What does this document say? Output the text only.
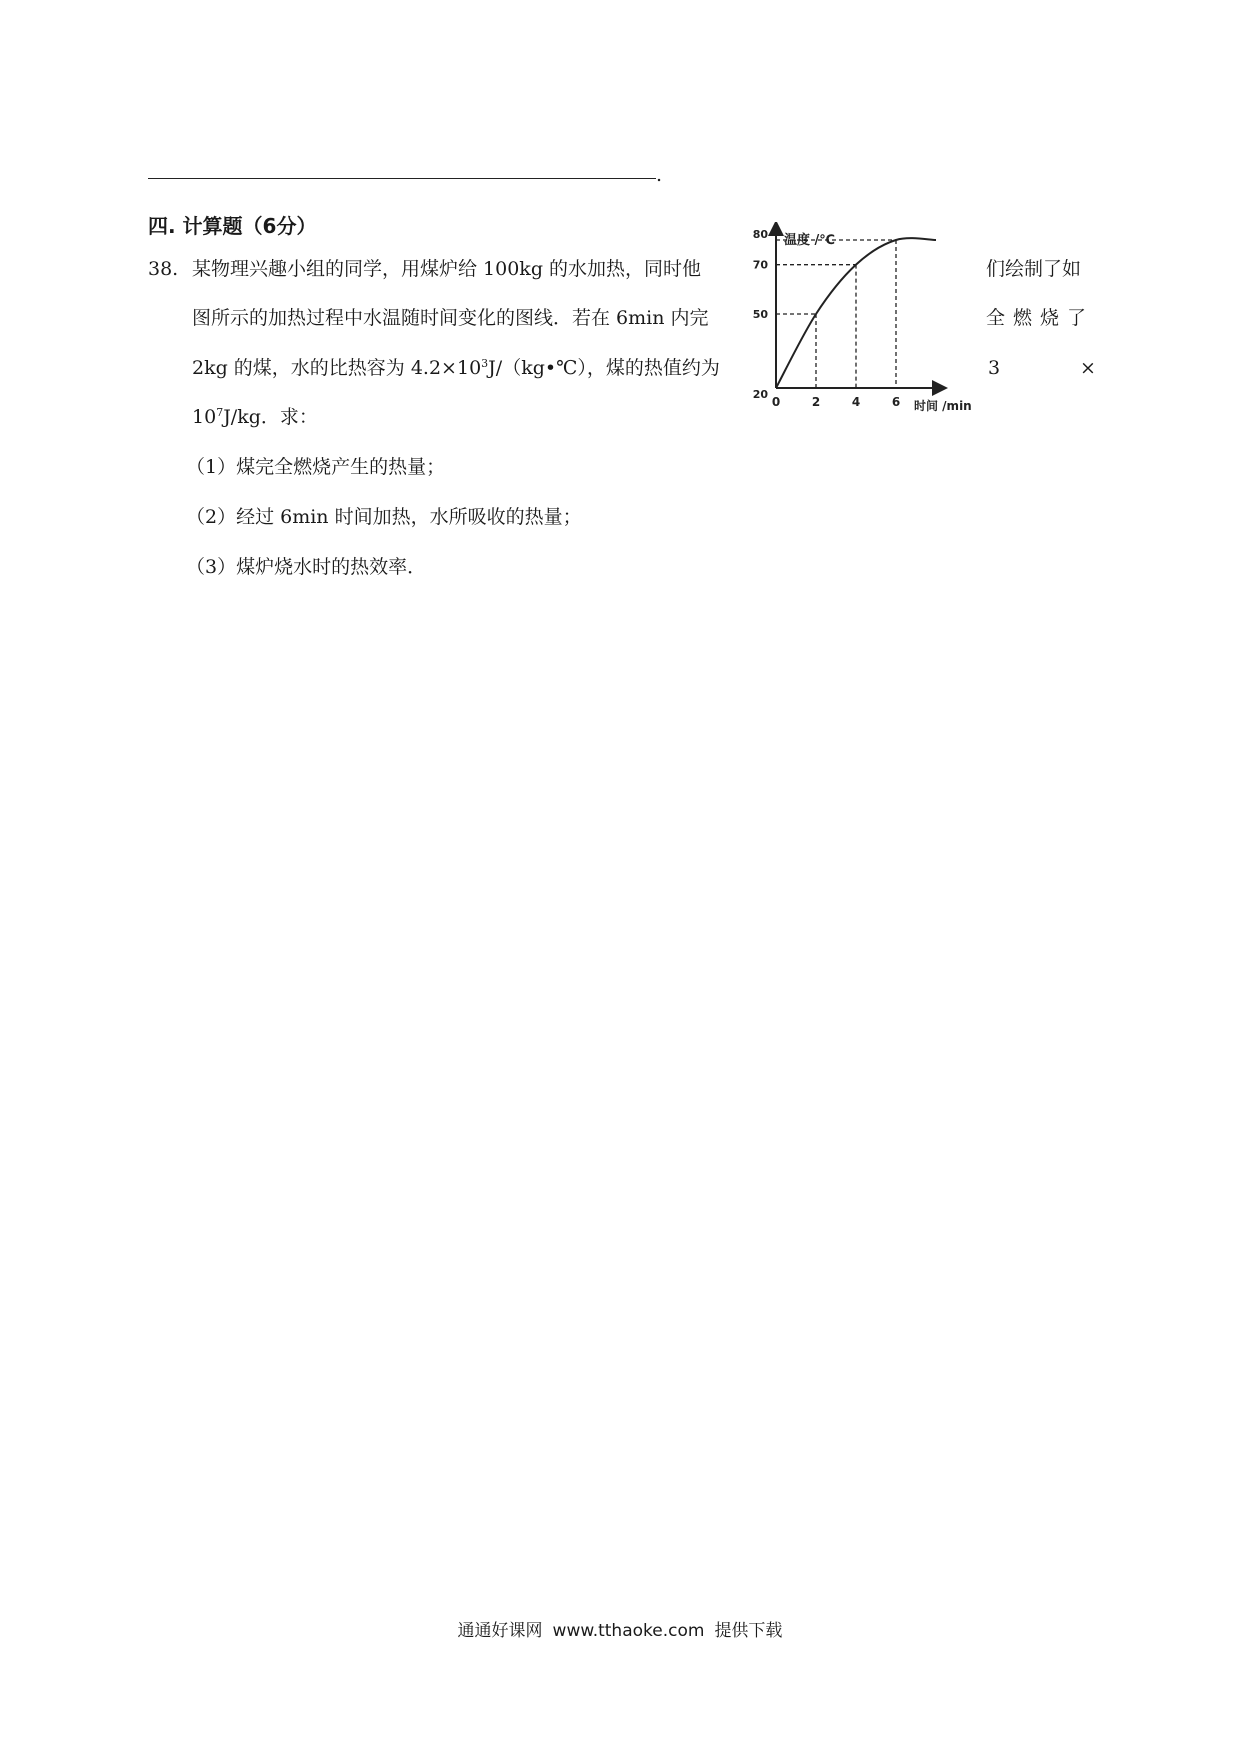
.
四. 计算题（6分）
38. 某物理兴趣小组的同学，用煤炉给 100kg 的水加热，同时他	们绘制了如
图所示的加热过程中水温随时间变化的图线．若在 6min 内完	全燃烧了
2kg 的煤，水的比热容为 $4.2\times 10^3J/(kg•℃)$，煤的热值约为	3	×
$10^7J/kg$．求：
（1）煤完全燃烧产生的热量；
（2）经过 6min 时间加热，水所吸收的热量；
（3）煤炉烧水时的热效率．
温度 /℃
时间 /min
0	2	4	6
20
50
70
80
通通好课网 www.tthaoke.com 提供下载
